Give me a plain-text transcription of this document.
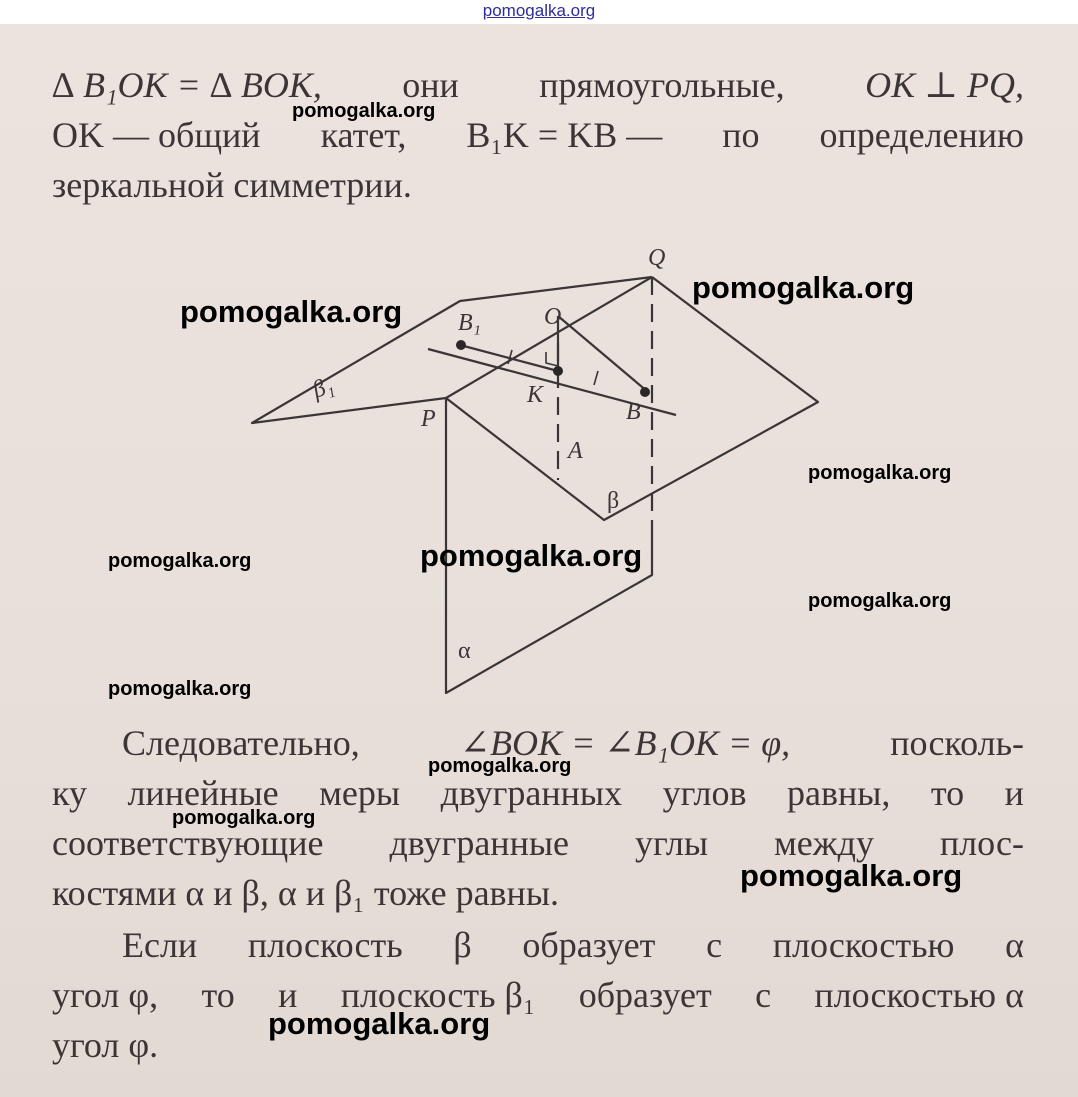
pomogalka.org
∆ B₁OK = ∆ BOK, они прямоугольные, OK ⊥ PQ,
OK — общий катет, B₁K = KB — по определению
зеркальной симметрии.
Q
O
B₁
β₁
P
K
B
A
β
α
Следовательно,	∠BOK = ∠B₁OK = φ,	посколь-
ку линейные меры двугранных углов равны, то и
соответствующие двугранные углы между плос-
костями α и β, α и β₁ тоже равны.
Если плоскость β образует с плоскостью α
угол φ, то и плоскость β₁ образует с плоскостью α
угол φ.
pomogalka.org
pomogalka.org
pomogalka.org
pomogalka.org
pomogalka.org
pomogalka.org
pomogalka.org
pomogalka.org
pomogalka.org
pomogalka.org
pomogalka.org
pomogalka.org
